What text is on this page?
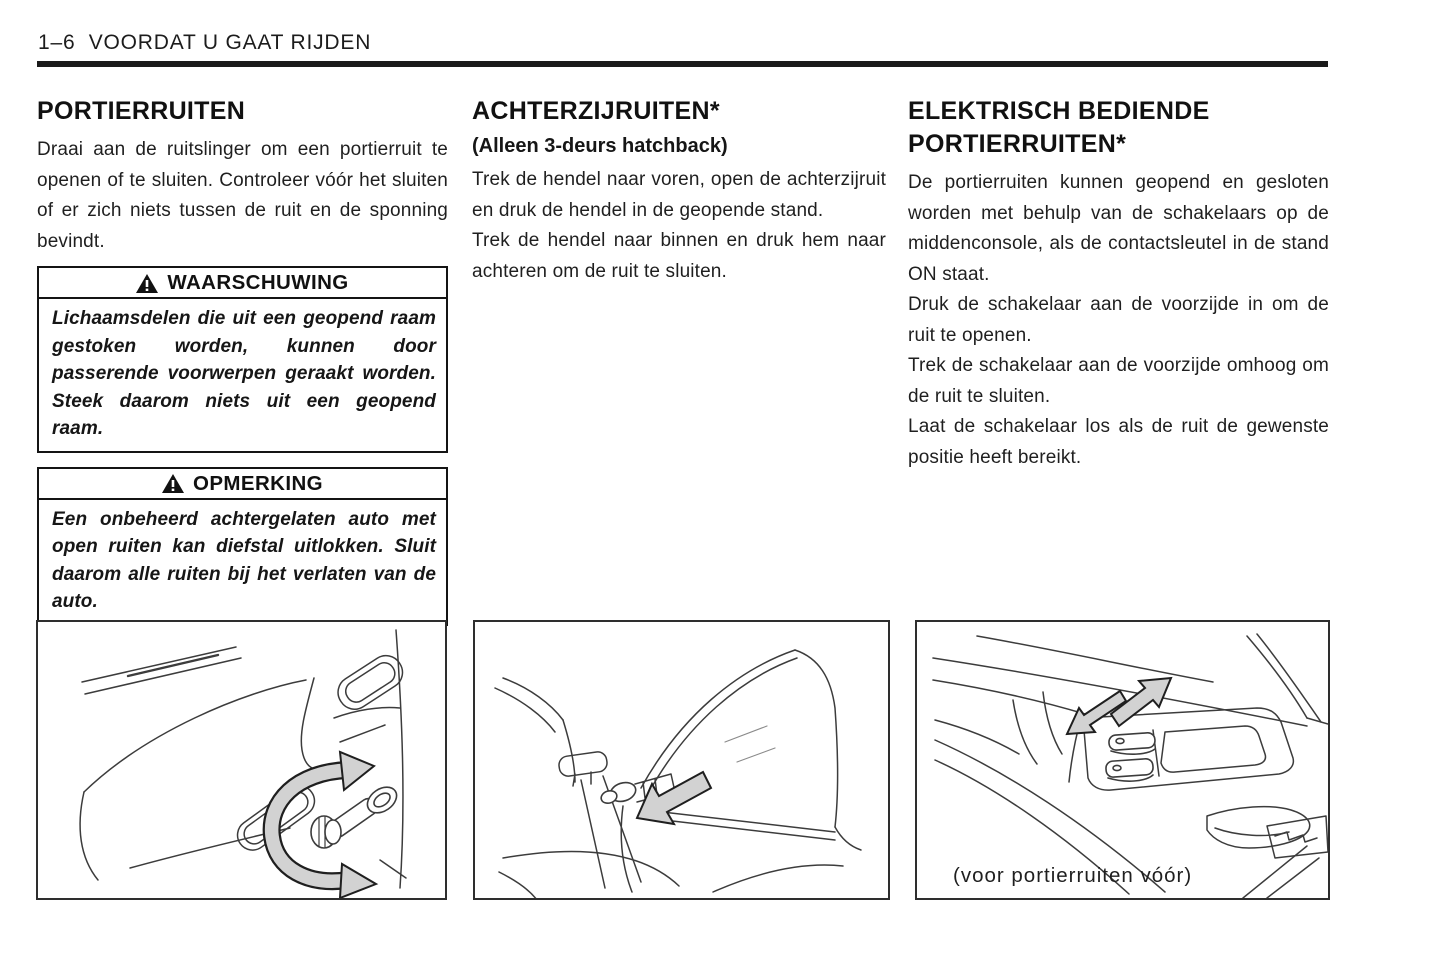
1–6  VOORDAT U GAAT RIJDEN
PORTIERRUITEN

Draai aan de ruitslinger om een portierruit te openen of te sluiten. Controleer vóór het sluiten of er zich niets tussen de ruit en de sponning bevindt.

WAARSCHUWING
Lichaamsdelen die uit een geopend raam gestoken worden, kunnen door passerende voorwerpen geraakt worden. Steek daarom niets uit een geopend raam.
OPMERKING
Een onbeheerd achtergelaten auto met open ruiten kan diefstal uitlokken. Sluit daarom alle ruiten bij het verlaten van de auto.
ACHTERZIJRUITEN*
(Alleen 3-deurs hatchback)

Trek de hendel naar voren, open de achterzijruit en druk de hendel in de geopende stand.

Trek de hendel naar binnen en druk hem naar achteren om de ruit te sluiten.

ELEKTRISCH BEDIENDE PORTIERRUITEN*

De portierruiten kunnen geopend en gesloten worden met behulp van de schakelaars op de middenconsole, als de contactsleutel in de stand ON staat.

Druk de schakelaar aan de voorzijde in om de ruit te openen.

Trek de schakelaar aan de voorzijde omhoog om de ruit te sluiten.

Laat de schakelaar los als de ruit de gewenste positie heeft bereikt.

(voor portierruiten vóór)
